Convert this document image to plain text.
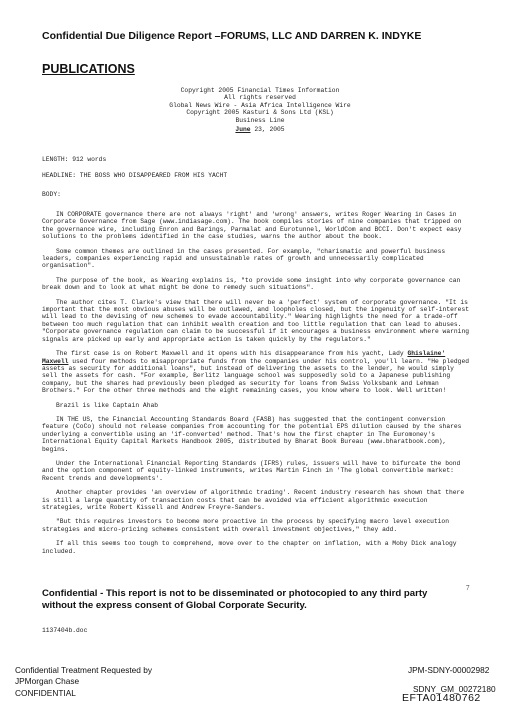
Confidential Due Diligence Report –FORUMS, LLC AND DARREN K. INDYKE
PUBLICATIONS
Copyright 2005 Financial Times Information
All rights reserved
Global News Wire - Asia Africa Intelligence Wire
Copyright 2005 Kasturi & Sons Ltd (KSL)
Business Line
June 23, 2005
LENGTH: 912 words
HEADLINE: THE BOSS WHO DISAPPEARED FROM HIS YACHT
BODY:

IN CORPORATE governance there are not always 'right' and 'wrong' answers, writes Roger Wearing in Cases in Corporate Governance from Sage (www.indiasage.com). The book compiles stories of nine companies that tripped on the governance wire, including Enron and Barings, Parmalat and Eurotunnel, WorldCom and BCCI. Don't expect easy solutions to the problems identified in the case studies, warns the author about the book.

Some common themes are outlined in the cases presented. For example, "charismatic and powerful business leaders, companies experiencing rapid and unsustainable rates of growth and unnecessarily complicated organisation".

The purpose of the book, as Wearing explains is, "to provide some insight into why corporate governance can break down and to look at what might be done to remedy such situations".

The author cites T. Clarke's view that there will never be a 'perfect' system of corporate governance. "It is important that the most obvious abuses will be outlawed, and loopholes closed, but the ingenuity of self-interest will lead to the devising of new schemes to evade accountability." Wearing highlights the need for a trade-off between too much regulation that can inhibit wealth creation and too little regulation that can lead to abuses. "Corporate governance regulation can claim to be successful if it encourages a business environment where warning signals are picked up early and appropriate action is taken quickly by the regulators."

The first case is on Robert Maxwell and it opens with his disappearance from his yacht, Lady Ghislaine' Maxwell used four methods to misappropriate funds from the companies under his control, you'll learn. "He pledged assets as security for additional loans", but instead of delivering the assets to the lender, he would simply sell the assets for cash. "For example, Berlitz language school was supposedly sold to a Japanese publishing company, but the shares had previously been pledged as security for loans from Swiss Volksbank and Lehman Brothers." For the other three methods and the eight remaining cases, you know where to look. Well written!

Brazil is like Captain Ahab

IN THE US, the Financial Accounting Standards Board (FASB) has suggested that the contingent conversion feature (CoCo) should not release companies from accounting for the potential EPS dilution caused by the shares underlying a convertible using an 'if-converted' method. That's how the first chapter in The Euromoney's International Equity Capital Markets Handbook 2005, distributed by Bharat Book Bureau (www.bharatbook.com), begins.

Under the International Financial Reporting Standards (IFRS) rules, issuers will have to bifurcate the bond and the option component of equity-linked instruments, writes Martin Finch in 'The global convertible market: Recent trends and developments'.

Another chapter provides 'an overview of algorithmic trading'. Recent industry research has shown that there is still a large quantity of transaction costs that can be avoided via efficient algorithmic execution strategies, write Robert Kissell and Andrew Freyre-Sanders.

"But this requires investors to become more proactive in the process by specifying macro level execution strategies and micro-pricing schemes consistent with overall investment objectives," they add.

If all this seems too tough to comprehend, move over to the chapter on inflation, with a Moby Dick analogy included.

Confidential - This report is not to be disseminated or photocopied to any third party without the express consent of Global Corporate Security.
7
1137404b.doc
Confidential Treatment Requested by
JPMorgan Chase
CONFIDENTIAL
JPM-SDNY-00002982
SDNY_GM_00272180
EFTA01480762
